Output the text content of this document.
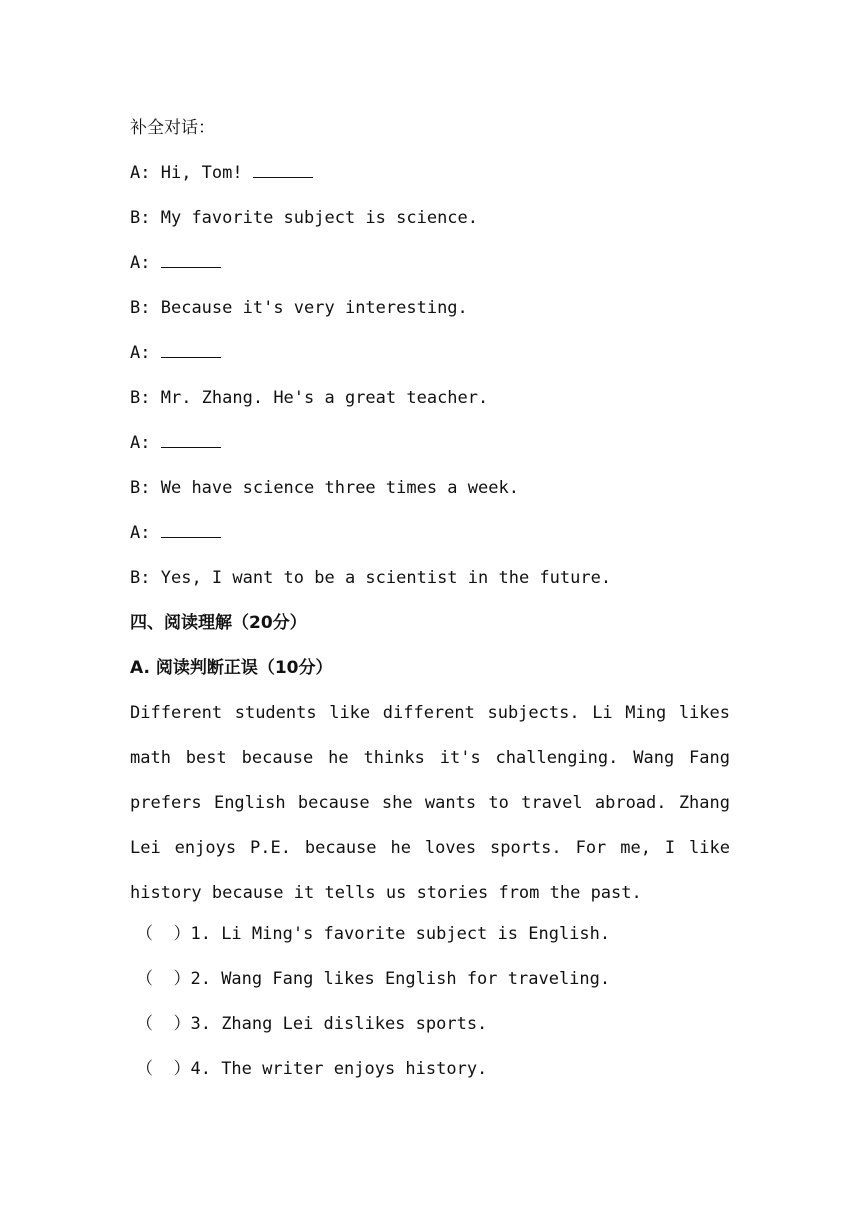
补全对话：
A: Hi, Tom!
B: My favorite subject is science.
A:
B: Because it's very interesting.
A:
B: Mr. Zhang. He's a great teacher.
A:
B: We have science three times a week.
A:
B: Yes, I want to be a scientist in the future.
四、阅读理解（20分）
A. 阅读判断正误（10分）

Different students like different subjects. Li Ming likes math best because he thinks it's challenging. Wang Fang prefers English because she wants to travel abroad. Zhang Lei enjoys P.E. because he loves sports. For me, I like history because it tells us stories from the past.

（  ）1. Li Ming's favorite subject is English.
（  ）2. Wang Fang likes English for traveling.
（  ）3. Zhang Lei dislikes sports.
（  ）4. The writer enjoys history.
